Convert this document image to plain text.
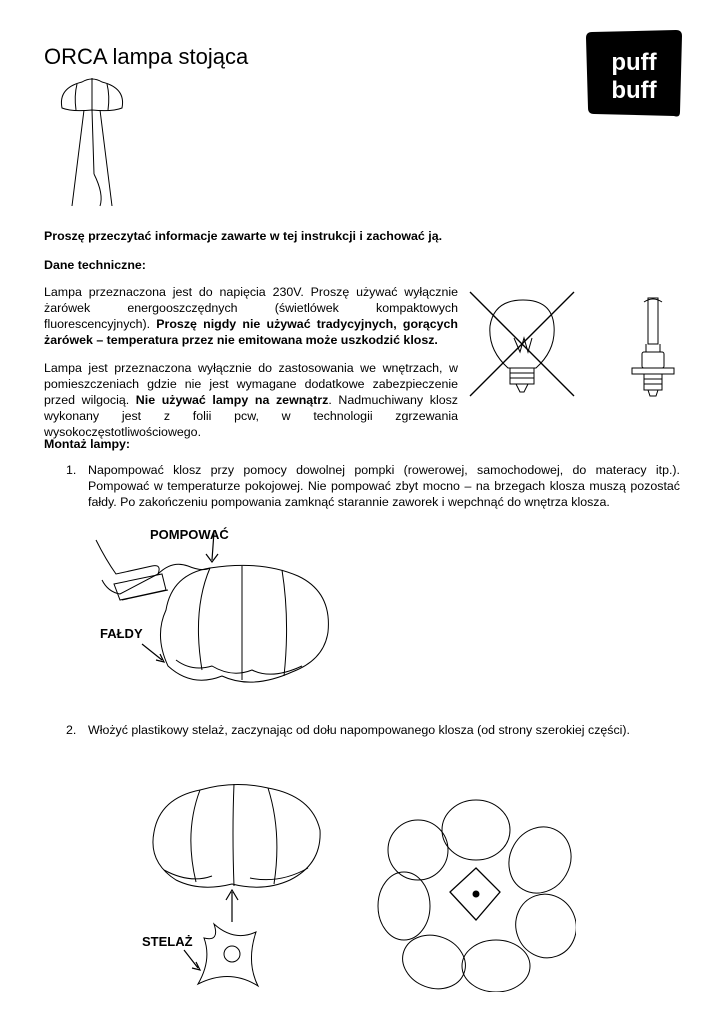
ORCA lampa stojąca	puff
buff

Proszę przeczytać informacje zawarte w tej instrukcji i zachować ją.

Dane techniczne:

Lampa przeznaczona jest do napięcia 230V. Proszę używać wyłącznie żarówek energooszczędnych (świetlówek kompaktowych fluorescencyjnych). Proszę nigdy nie używać tradycyjnych, gorących żarówek – temperatura przez nie emitowana może uszkodzić klosz.

Lampa jest przeznaczona wyłącznie do zastosowania we wnętrzach, w pomieszczeniach gdzie nie jest wymagane dodatkowe zabezpieczenie przed wilgocią. Nie używać lampy na zewnątrz. Nadmuchiwany klosz wykonany jest z folii pcw, w technologii zgrzewania wysokoczęstotliwościowego.

Montaż lampy:

1. Napompować klosz przy pomocy dowolnej pompki (rowerowej, samochodowej, do materacy itp.). Pompować w temperaturze pokojowej. Nie pompować zbyt mocno – na brzegach klosza muszą pozostać fałdy. Po zakończeniu pompowania zamknąć starannie zaworek i wepchnąć do wnętrza klosza.
POMPOWAĆ
FAŁDY
2. Włożyć plastikowy stelaż, zaczynając od dołu napompowanego klosza (od strony szerokiej części).
STELAŻ
